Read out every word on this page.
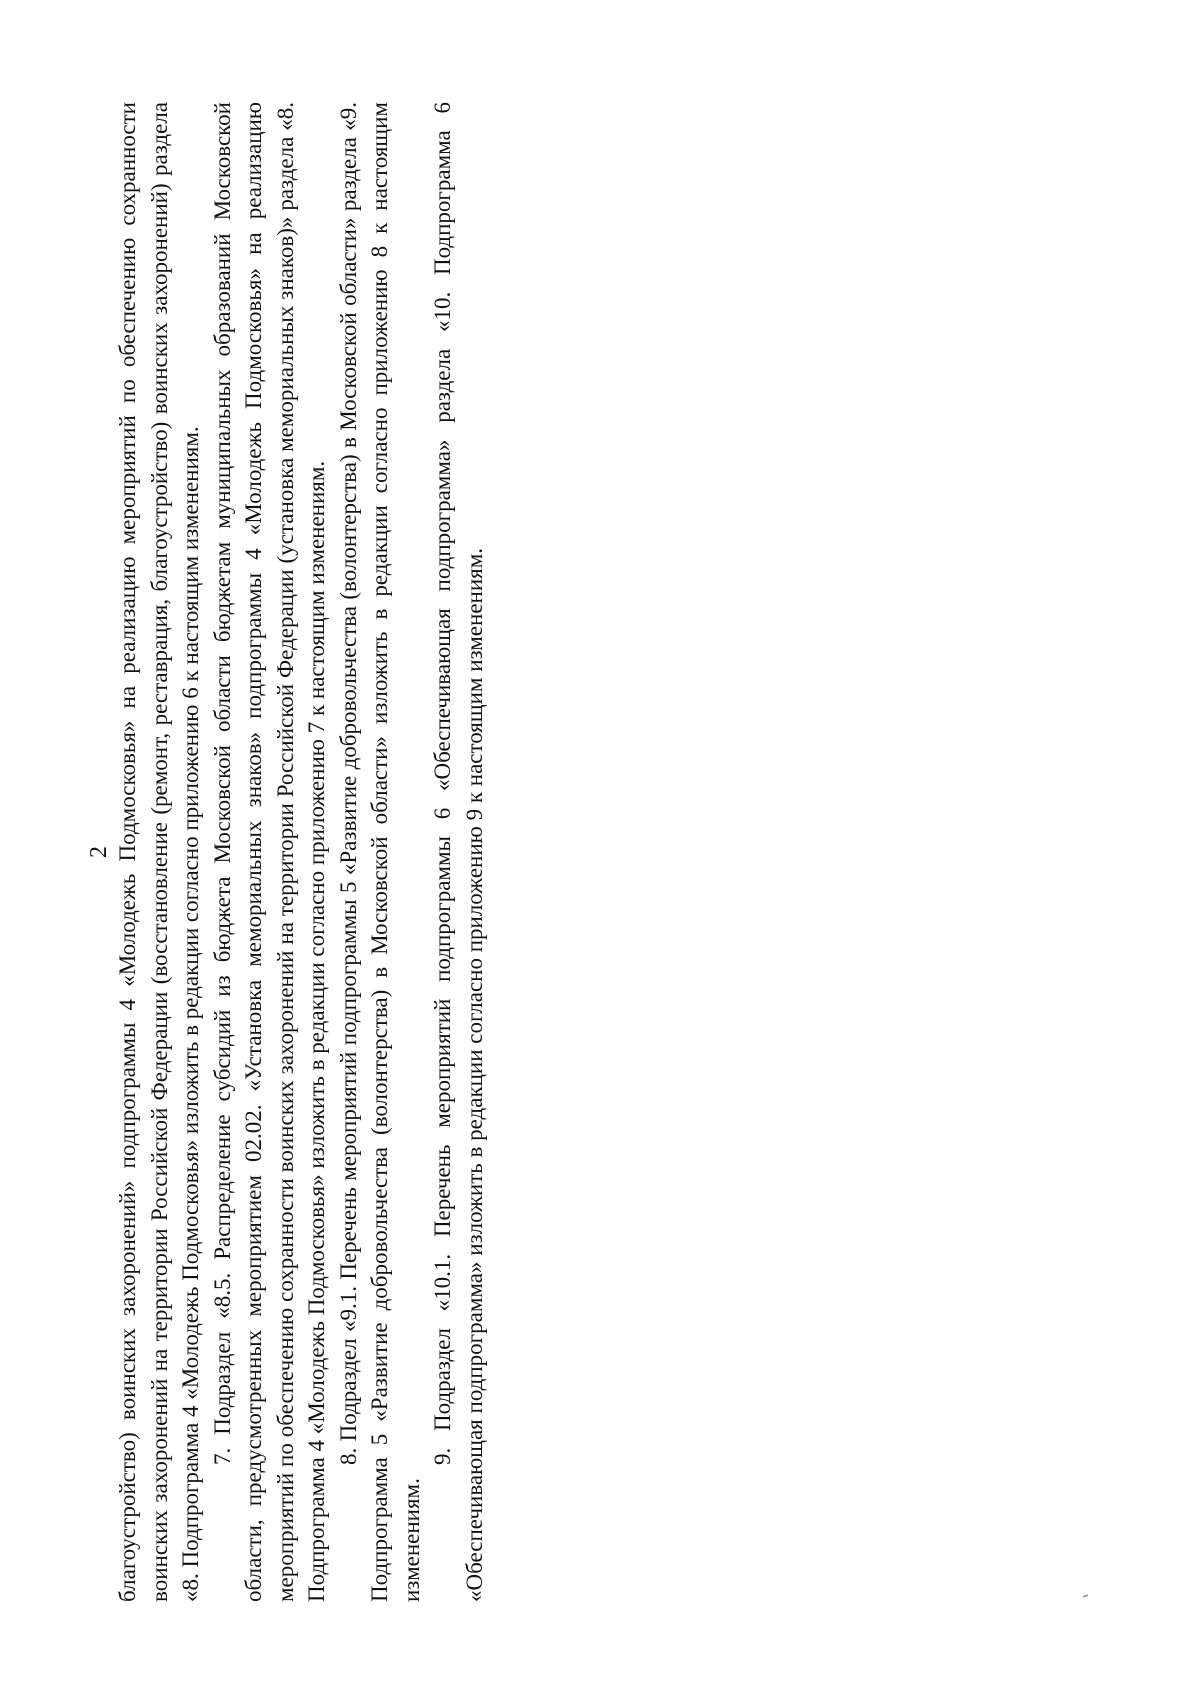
2 благоустройство) воинских захоронений» подпрограммы 4 «Молодежь Подмосковья» на реализацию мероприятий по обеспечению сохранности воинских захоронений на территории Российской Федерации (восстановление (ремонт, реставрация, благоустройство) воинских захоронений) раздела «8. Подпрограмма 4 «Молодежь Подмосковья» изложить в редакции согласно приложению 6 к настоящим изменениям. 7. Подраздел «8.5. Распределение субсидий из бюджета Московской области бюджетам муниципальных образований Московской области, предусмотренных мероприятием 02.02. «Установка мемориальных знаков» подпрограммы 4 «Молодежь Подмосковья» на реализацию мероприятий по обеспечению сохранности воинских захоронений на территории Российской Федерации (установка мемориальных знаков)» раздела «8. Подпрограмма 4 «Молодежь Подмосковья» изложить в редакции согласно приложению 7 к настоящим изменениям. 8. Подраздел «9.1. Перечень мероприятий подпрограммы 5 «Развитие добровольчества (волонтерства) в Московской области» раздела «9. Подпрограмма 5 «Развитие добровольчества (волонтерства) в Московской области» изложить в редакции согласно приложению 8 к настоящим изменениям.

9. Подраздел «10.1. Перечень мероприятий подпрограммы 6 «Обеспечивающая подпрограмма» раздела «10. Подпрограмма 6 «Обеспечивающая подпрограмма» изложить в редакции согласно приложению 9 к настоящим изменениям.
